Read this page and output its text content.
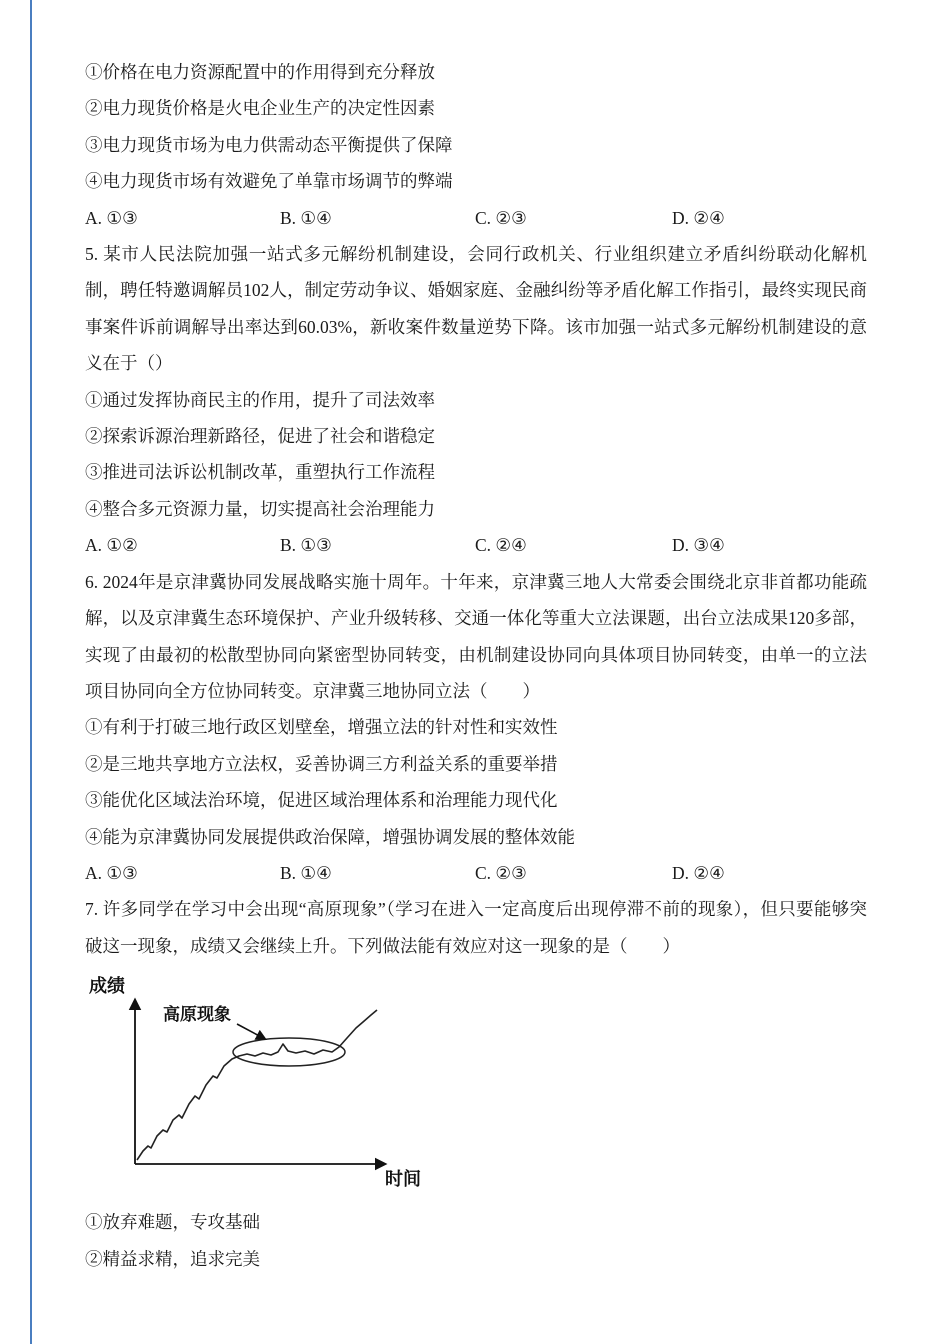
①价格在电力资源配置中的作用得到充分释放

②电力现货价格是火电企业生产的决定性因素

③电力现货市场为电力供需动态平衡提供了保障

④电力现货市场有效避免了单靠市场调节的弊端

A. ①③	B. ①④	C. ②③	D. ②④

5. 某市人民法院加强一站式多元解纷机制建设，会同行政机关、行业组织建立矛盾纠纷联动化解机制，聘任特邀调解员102人，制定劳动争议、婚姻家庭、金融纠纷等矛盾化解工作指引，最终实现民商事案件诉前调解导出率达到60.03%，新收案件数量逆势下降。该市加强一站式多元解纷机制建设的意义在于（）

①通过发挥协商民主的作用，提升了司法效率

②探索诉源治理新路径，促进了社会和谐稳定

③推进司法诉讼机制改革，重塑执行工作流程

④整合多元资源力量，切实提高社会治理能力

A. ①②	B. ①③	C. ②④	D. ③④

6. 2024年是京津冀协同发展战略实施十周年。十年来，京津冀三地人大常委会围绕北京非首都功能疏解，以及京津冀生态环境保护、产业升级转移、交通一体化等重大立法课题，出台立法成果120多部，实现了由最初的松散型协同向紧密型协同转变，由机制建设协同向具体项目协同转变，由单一的立法项目协同向全方位协同转变。京津冀三地协同立法（　　）

①有利于打破三地行政区划壁垒，增强立法的针对性和实效性

②是三地共享地方立法权，妥善协调三方利益关系的重要举措

③能优化区域法治环境，促进区域治理体系和治理能力现代化

④能为京津冀协同发展提供政治保障，增强协调发展的整体效能

A. ①③	B. ①④	C. ②③	D. ②④

7. 许多同学在学习中会出现“高原现象”（学习在进入一定高度后出现停滞不前的现象），但只要能够突破这一现象，成绩又会继续上升。下列做法能有效应对这一现象的是（　　）

成绩
时间
高原现象

①放弃难题，专攻基础

②精益求精，追求完美
